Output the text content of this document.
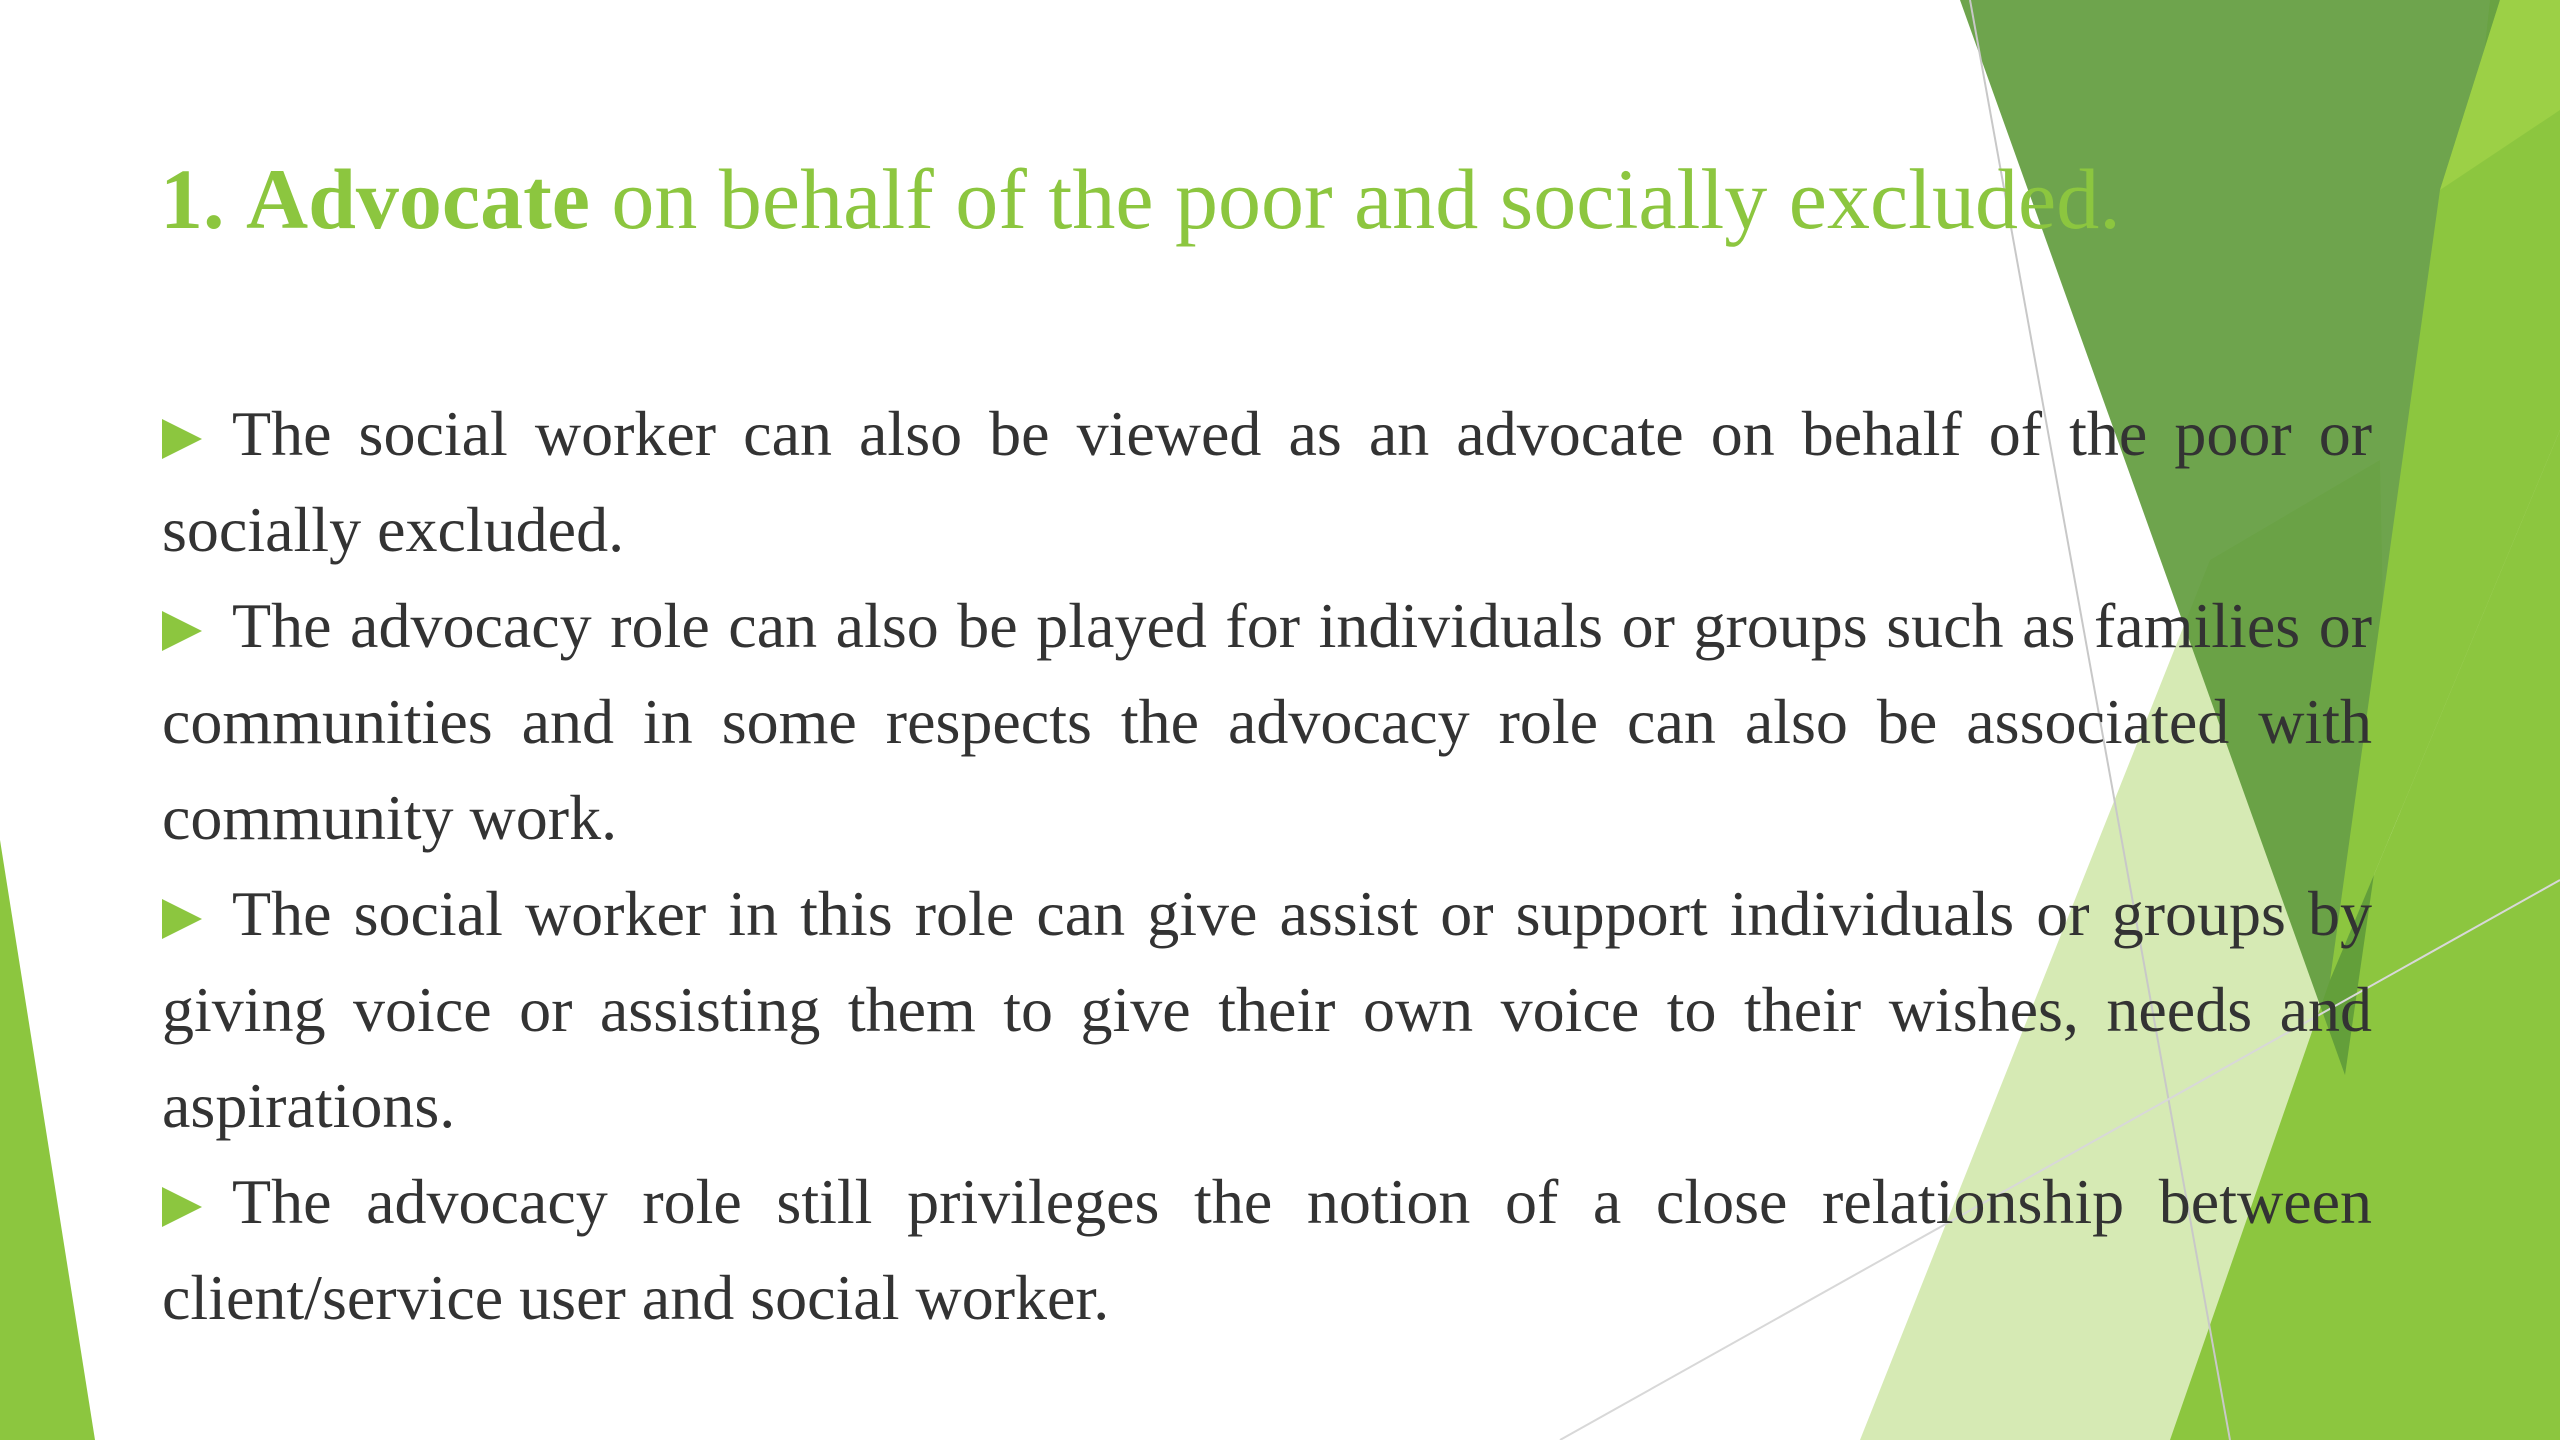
1. Advocate on behalf of the poor and socially excluded.

The social worker can also be viewed as an advocate on behalf of the poor or socially excluded.

The advocacy role can also be played for individuals or groups such as families or communities and in some respects the advocacy role can also be associated with community work.

The social worker in this role can give assist or support individuals or groups by giving voice or assisting them to give their own voice to their wishes, needs and aspirations.

The advocacy role still privileges the notion of a close relationship between client/service user and social worker.
